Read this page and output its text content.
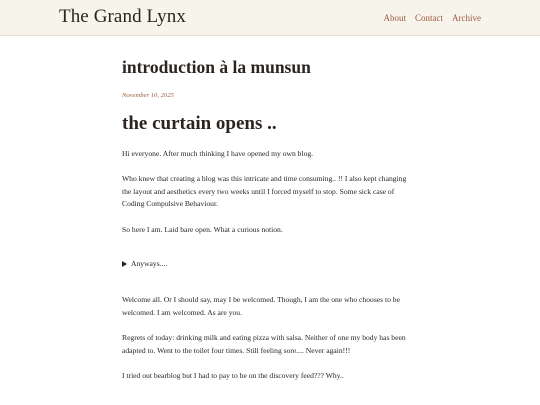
The Grand Lynx	About Contact Archive
introduction à la munsun
November 10, 2025
the curtain opens ..

Hi everyone. After much thinking I have opened my own blog.

Who knew that creating a blog was this intricate and time consuming.. !! I also kept changing the layout and aesthetics every two weeks until I forced myself to stop. Some sick case of Coding Compulsive Behaviour.

So here I am. Laid bare open. What a curious notion.

Anyways....

Welcome all. Or I should say, may I be welcomed. Though, I am the one who chooses to be welcomed. I am welcomed. As are you.

Regrets of today: drinking milk and eating pizza with salsa. Neither of one my body has been adapted to. Went to the toilet four times. Still feeling sore.... Never again!!!

I tried out bearblog but I had to pay to be on the discovery feed??? Why..
